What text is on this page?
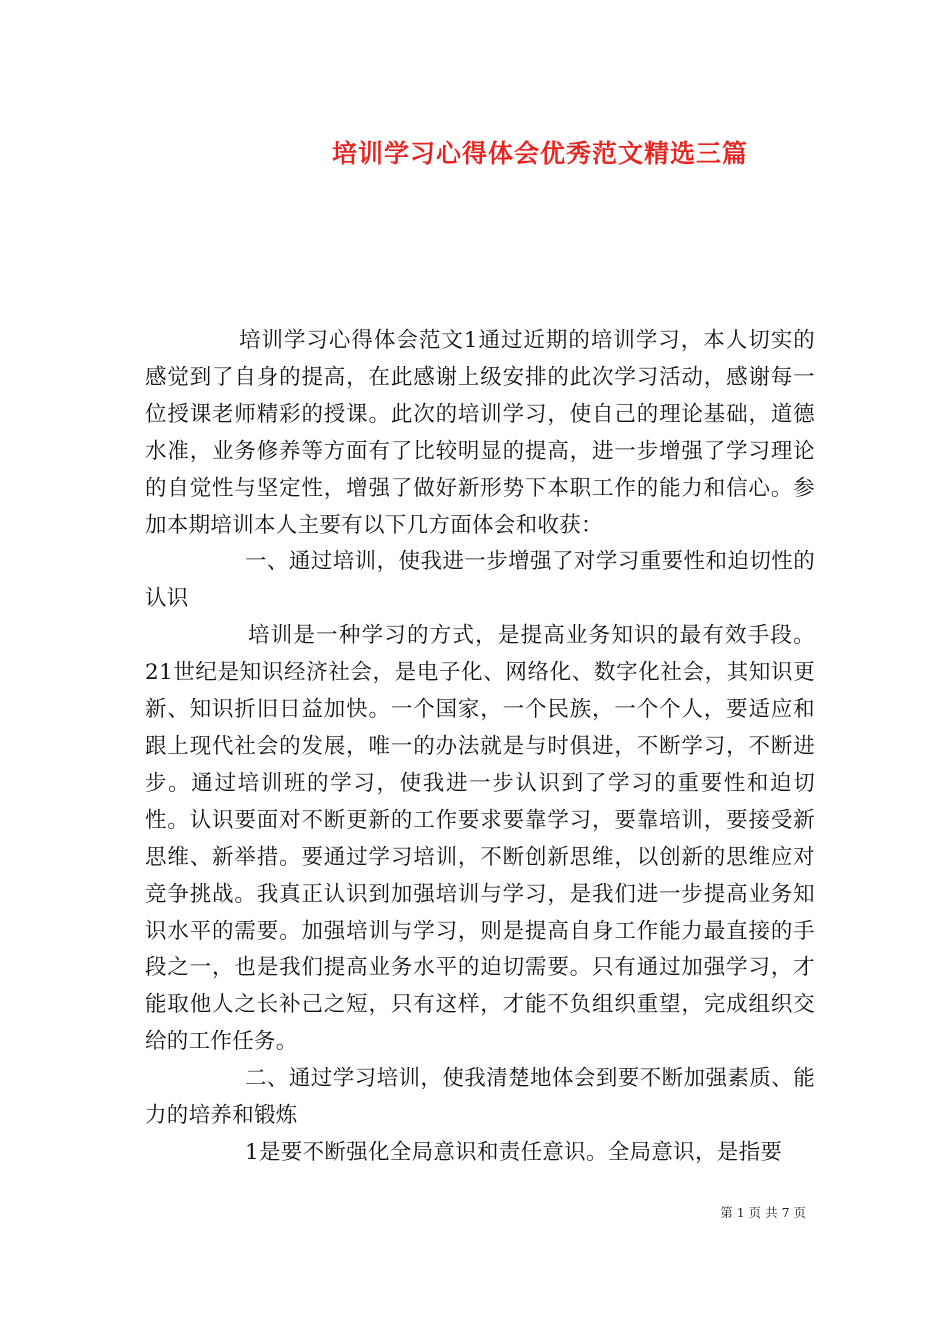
培训学习心得体会优秀范文精选三篇

培训学习心得体会范文1通过近期的培训学习，本人切实的感觉到了自身的提高，在此感谢上级安排的此次学习活动，感谢每一位授课老师精彩的授课。此次的培训学习，使自己的理论基础，道德水准，业务修养等方面有了比较明显的提高，进一步增强了学习理论的自觉性与坚定性，增强了做好新形势下本职工作的能力和信心。参加本期培训本人主要有以下几方面体会和收获：

一、通过培训，使我进一步增强了对学习重要性和迫切性的认识

培训是一种学习的方式，是提高业务知识的最有效手段。21世纪是知识经济社会，是电子化、网络化、数字化社会，其知识更新、知识折旧日益加快。一个国家，一个民族，一个个人，要适应和跟上现代社会的发展，唯一的办法就是与时俱进，不断学习，不断进步。通过培训班的学习，使我进一步认识到了学习的重要性和迫切性。认识要面对不断更新的工作要求要靠学习，要靠培训，要接受新思维、新举措。要通过学习培训，不断创新思维，以创新的思维应对竞争挑战。我真正认识到加强培训与学习，是我们进一步提高业务知识水平的需要。加强培训与学习，则是提高自身工作能力最直接的手段之一，也是我们提高业务水平的迫切需要。只有通过加强学习，才能取他人之长补己之短，只有这样，才能不负组织重望，完成组织交给的工作任务。

二、通过学习培训，使我清楚地体会到要不断加强素质、能力的培养和锻炼

1是要不断强化全局意识和责任意识。全局意识，是指要

第 1 页 共 7 页
